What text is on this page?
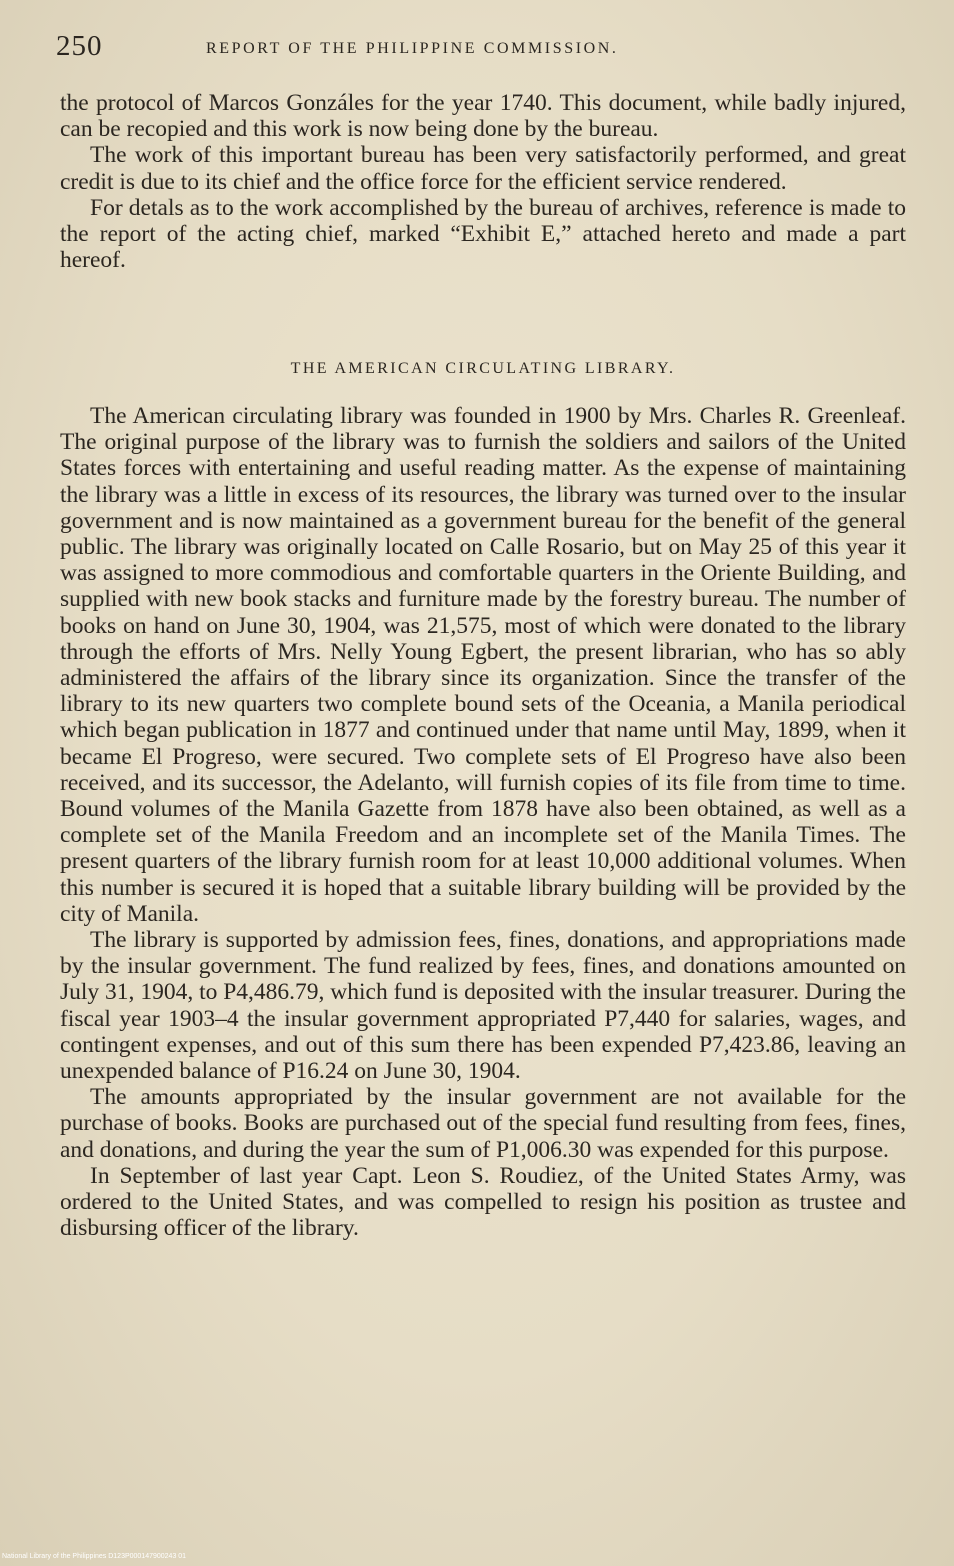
250	REPORT OF THE PHILIPPINE COMMISSION.

the protocol of Marcos Gonzáles for the year 1740. This document, while badly injured, can be recopied and this work is now being done by the bureau.

The work of this important bureau has been very satisfactorily performed, and great credit is due to its chief and the office force for the efficient service rendered.

For detals as to the work accomplished by the bureau of archives, reference is made to the report of the acting chief, marked “Exhibit E,” attached hereto and made a part hereof.

THE AMERICAN CIRCULATING LIBRARY.

The American circulating library was founded in 1900 by Mrs. Charles R. Greenleaf. The original purpose of the library was to furnish the soldiers and sailors of the United States forces with entertaining and useful reading matter. As the expense of maintaining the library was a little in excess of its resources, the library was turned over to the insular government and is now maintained as a government bureau for the benefit of the general public. The library was originally located on Calle Rosario, but on May 25 of this year it was assigned to more commodious and comfortable quarters in the Oriente Building, and supplied with new book stacks and furniture made by the forestry bureau. The number of books on hand on June 30, 1904, was 21,575, most of which were donated to the library through the efforts of Mrs. Nelly Young Egbert, the present librarian, who has so ably administered the affairs of the library since its organization. Since the transfer of the library to its new quarters two complete bound sets of the Oceania, a Manila periodical which began publication in 1877 and continued under that name until May, 1899, when it became El Progreso, were secured. Two complete sets of El Progreso have also been received, and its successor, the Adelanto, will furnish copies of its file from time to time. Bound volumes of the Manila Gazette from 1878 have also been obtained, as well as a complete set of the Manila Freedom and an incomplete set of the Manila Times. The present quarters of the library furnish room for at least 10,000 additional volumes. When this number is secured it is hoped that a suitable library building will be provided by the city of Manila.

The library is supported by admission fees, fines, donations, and appropriations made by the insular government. The fund realized by fees, fines, and donations amounted on July 31, 1904, to P4,486.79, which fund is deposited with the insular treasurer. During the fiscal year 1903–4 the insular government appropriated P7,440 for salaries, wages, and contingent expenses, and out of this sum there has been expended P7,423.86, leaving an unexpended balance of P16.24 on June 30, 1904.

The amounts appropriated by the insular government are not available for the purchase of books. Books are purchased out of the special fund resulting from fees, fines, and donations, and during the year the sum of P1,006.30 was expended for this purpose.

In September of last year Capt. Leon S. Roudiez, of the United States Army, was ordered to the United States, and was compelled to resign his position as trustee and disbursing officer of the library.

National Library of the Philippines D123P000147900243 01
